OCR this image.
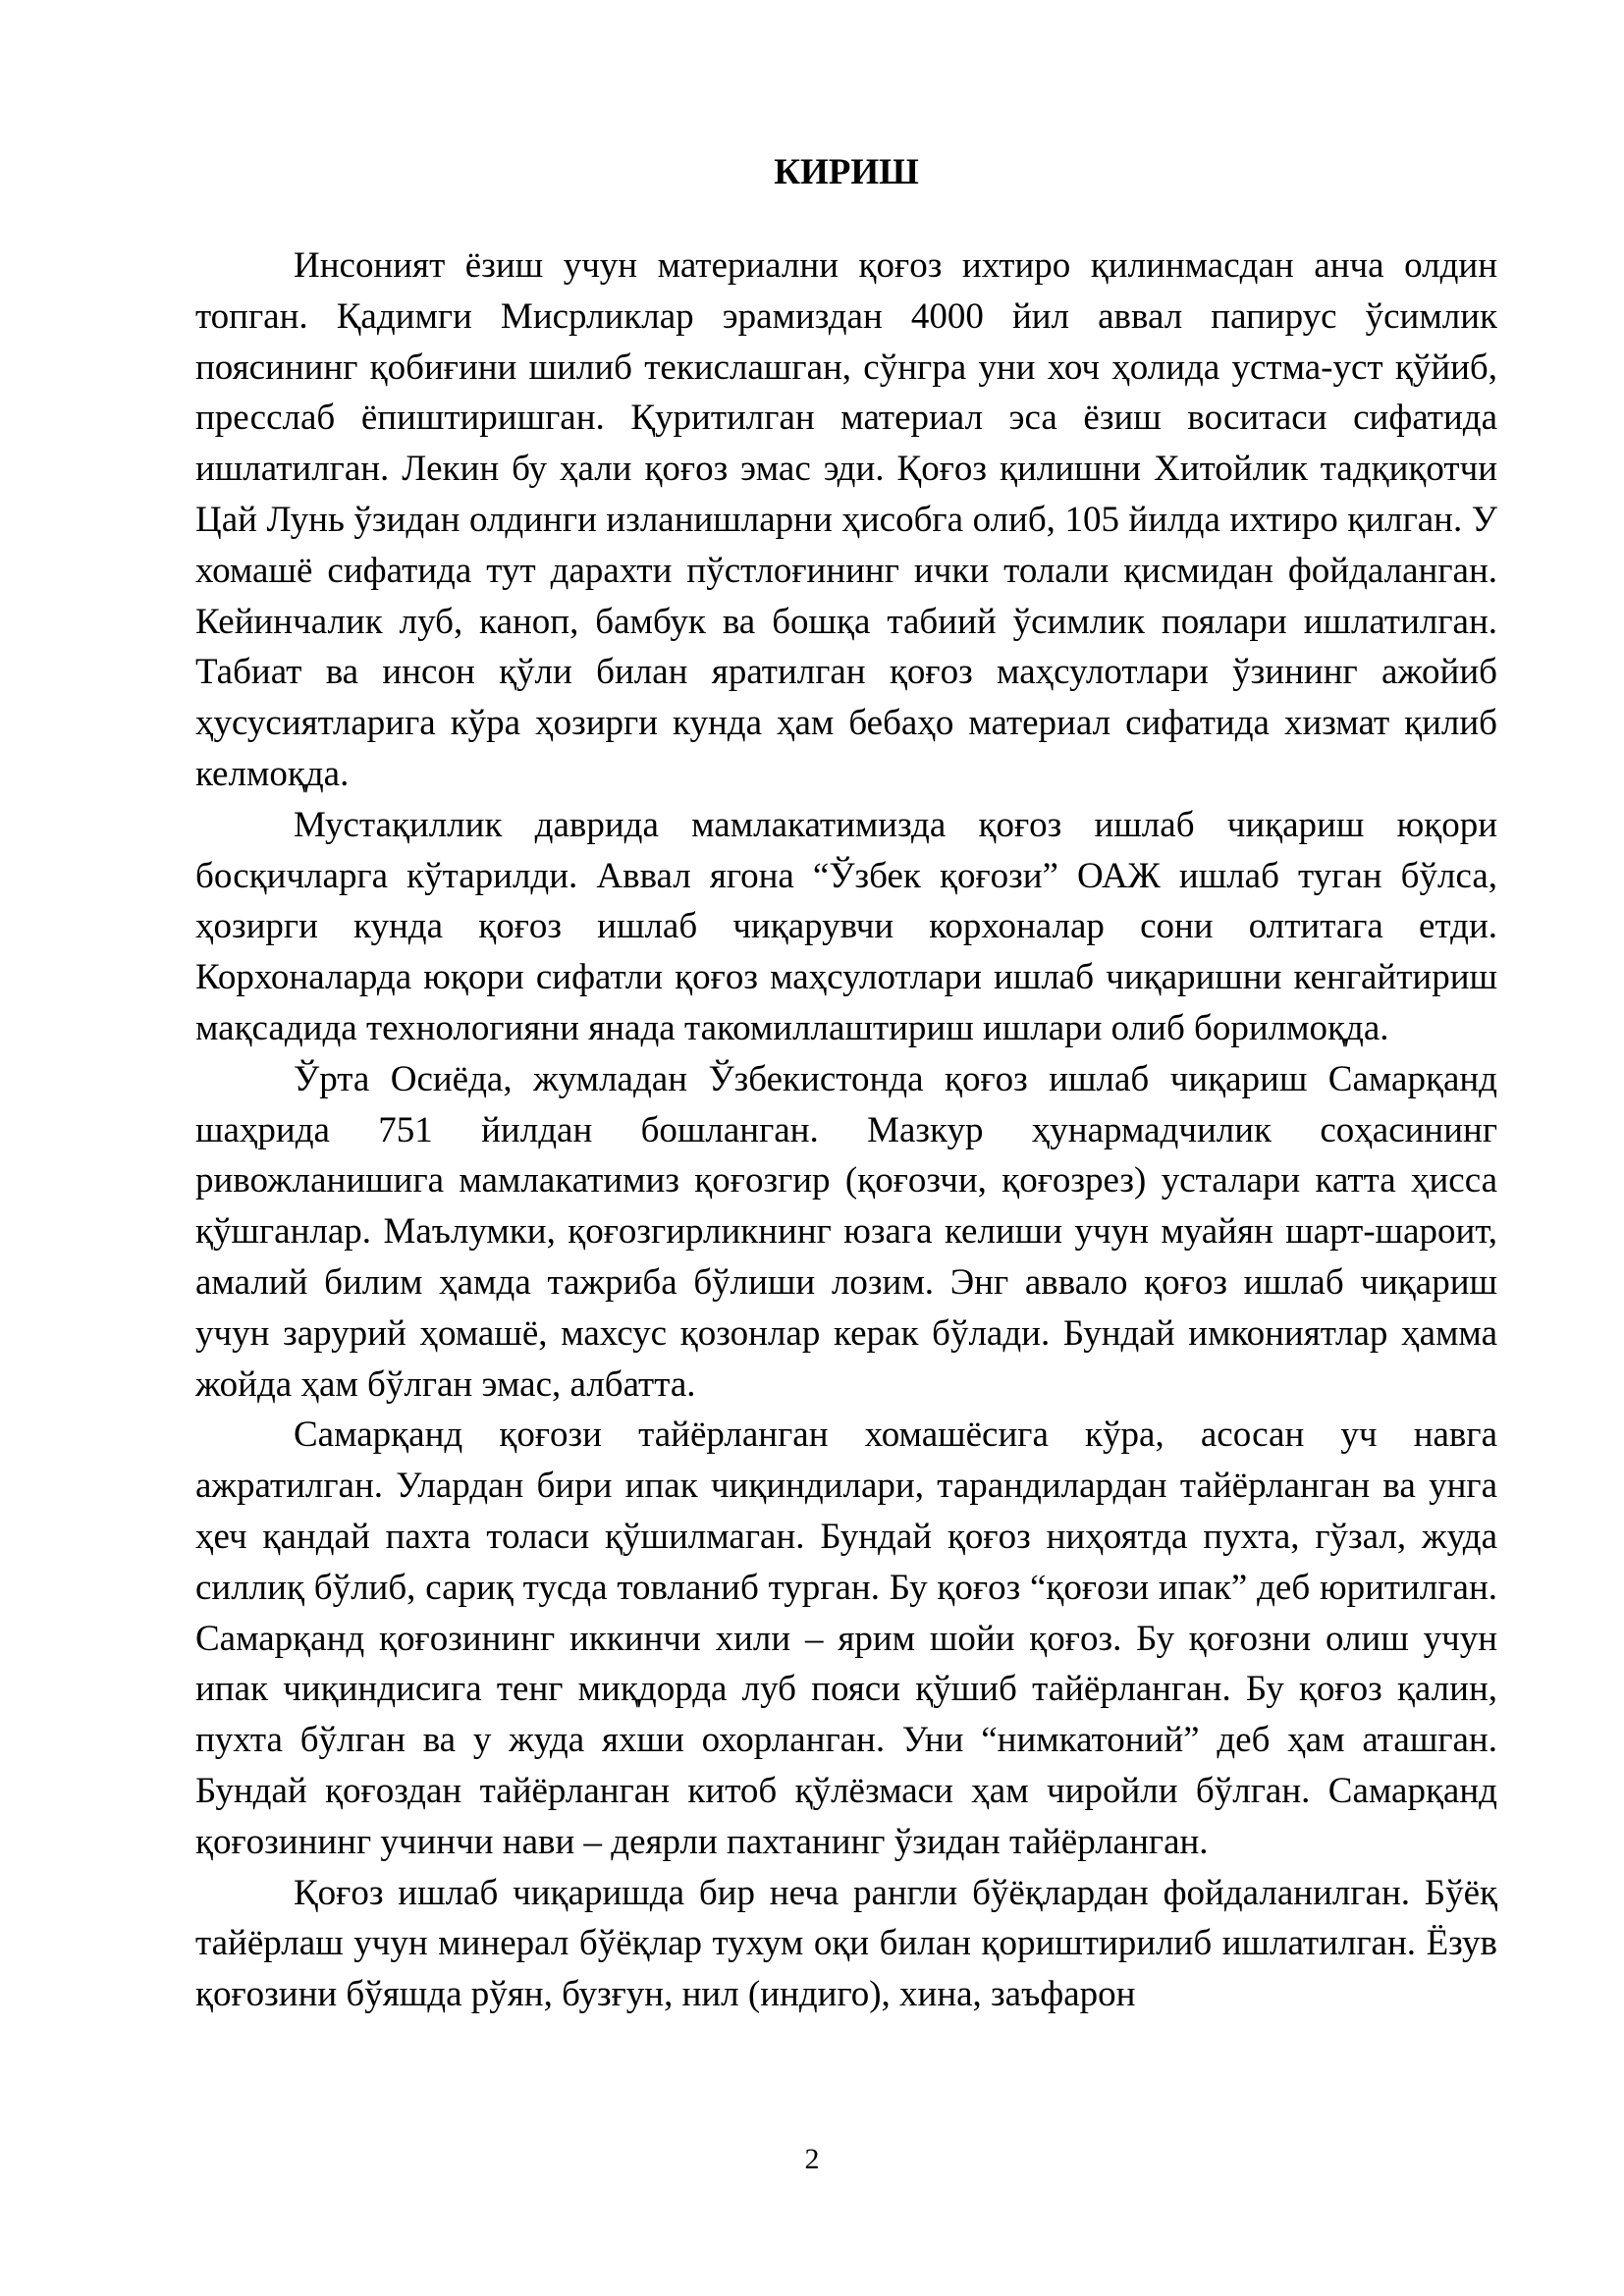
КИРИШ

Инсоният ёзиш учун материални қоғоз ихтиро қилинмасдан анча олдин топган. Қадимги Мисрликлар эрамиздан 4000 йил аввал папирус ўсимлик поясининг қобиғини шилиб текислашган, сўнгра уни хоч ҳолида устма-уст қўйиб, пресслаб ёпиштиришган. Қуритилган материал эса ёзиш воситаси сифатида ишлатилган. Лекин бу ҳали қоғоз эмас эди. Қоғоз қилишни Хитойлик тадқиқотчи Цай Лунь ўзидан олдинги изланишларни ҳисобга олиб, 105 йилда ихтиро қилган. У хомашё сифатида тут дарахти пўстлоғининг ички толали қисмидан фойдаланган. Кейинчалик луб, каноп, бамбук ва бошқа табиий ўсимлик поялари ишлатилган. Табиат ва инсон қўли билан яратилган қоғоз маҳсулотлари ўзининг ажойиб ҳусусиятларига кўра ҳозирги кунда ҳам бебаҳо материал сифатида хизмат қилиб келмоқда.

Мустақиллик даврида мамлакатимизда қоғоз ишлаб чиқариш юқори босқичларга кўтарилди. Аввал ягона “Ўзбек қоғози” ОАЖ ишлаб туган бўлса, ҳозирги кунда қоғоз ишлаб чиқарувчи корхоналар сони олтитага етди. Корхоналарда юқори сифатли қоғоз маҳсулотлари ишлаб чиқаришни кенгайтириш мақсадида технологияни янада такомиллаштириш ишлари олиб борилмоқда.

Ўрта Осиёда, жумладан Ўзбекистонда қоғоз ишлаб чиқариш Самарқанд шаҳрида 751 йилдан бошланган. Мазкур ҳунармадчилик соҳасининг ривожланишига мамлакатимиз қоғозгир (қоғозчи, қоғозрез) усталари катта ҳисса қўшганлар. Маълумки, қоғозгирликнинг юзага келиши учун муайян шарт-шароит, амалий билим ҳамда тажриба бўлиши лозим. Энг аввало қоғоз ишлаб чиқариш учун зарурий ҳомашё, махсус қозонлар керак бўлади. Бундай имкониятлар ҳамма жойда ҳам бўлган эмас, албатта.

Самарқанд қоғози тайёрланган хомашёсига кўра, асосан уч навга ажратилган. Улардан бири ипак чиқиндилари, тарандилардан тайёрланган ва унга ҳеч қандай пахта толаси қўшилмаган. Бундай қоғоз ниҳоятда пухта, гўзал, жуда силлиқ бўлиб, сариқ тусда товланиб турган. Бу қоғоз “қоғози ипак” деб юритилган. Самарқанд қоғозининг иккинчи хили – ярим шойи қоғоз. Бу қоғозни олиш учун ипак чиқиндисига тенг миқдорда луб пояси қўшиб тайёрланган. Бу қоғоз қалин, пухта бўлган ва у жуда яхши охорланган. Уни “нимкатоний” деб ҳам аташган. Бундай қоғоздан тайёрланган китоб қўлёзмаси ҳам чиройли бўлган. Самарқанд қоғозининг учинчи нави – деярли пахтанинг ўзидан тайёрланган.

Қоғоз ишлаб чиқаришда бир неча рангли бўёқлардан фойдаланилган. Бўёқ тайёрлаш учун минерал бўёқлар тухум оқи билан қориштирилиб ишлатилган. Ёзув қоғозини бўяшда рўян, бузғун, нил (индиго), хина, заъфарон

2
